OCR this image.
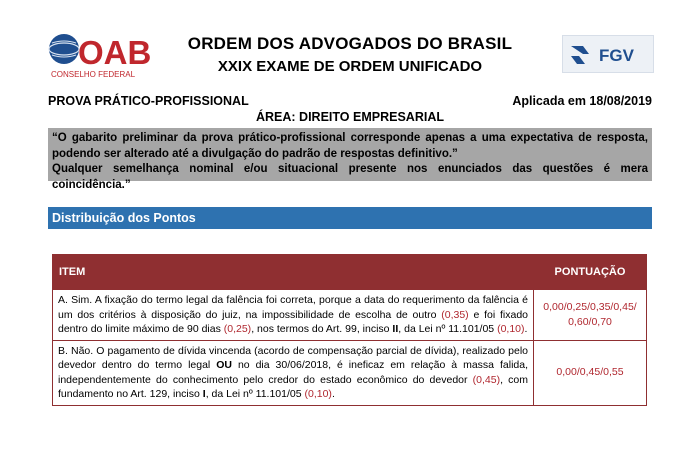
OAB
CONSELHO FEDERAL
ORDEM DOS ADVOGADOS DO BRASIL
XXIX EXAME DE ORDEM UNIFICADO
FGV
PROVA PRÁTICO-PROFISSIONAL	Aplicada em 18/08/2019
ÁREA: DIREITO EMPRESARIAL
“O gabarito preliminar da prova prático-profissional corresponde apenas a uma expectativa de resposta, podendo ser alterado até a divulgação do padrão de respostas definitivo.”
Qualquer semelhança nominal e/ou situacional presente nos enunciados das questões é mera coincidência.”
Distribuição dos Pontos
ITEM	PONTUAÇÃO
A. Sim. A fixação do termo legal da falência foi correta, porque a data do requerimento da falência é um dos critérios à disposição do juiz, na impossibilidade de escolha de outro (0,35) e foi fixado dentro do limite máximo de 90 dias (0,25), nos termos do Art. 99, inciso II, da Lei nº 11.101/05 (0,10).	0,00/0,25/0,35/0,45/
0,60/0,70
B. Não. O pagamento de dívida vincenda (acordo de compensação parcial de dívida), realizado pelo devedor dentro do termo legal OU no dia 30/06/2018, é ineficaz em relação à massa falida, independentemente do conhecimento pelo credor do estado econômico do devedor (0,45), com fundamento no Art. 129, inciso I, da Lei nº 11.101/05 (0,10).	0,00/0,45/0,55
